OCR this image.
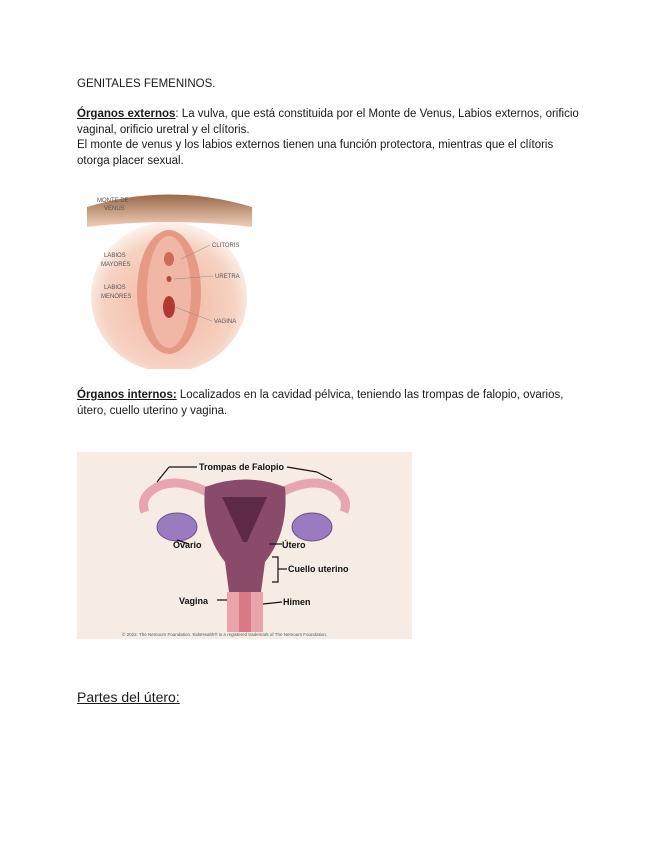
GENITALES FEMENINOS.

Órganos externos: La vulva, que está constituida por el Monte de Venus, Labios externos, orificio vaginal, orificio uretral y el clítoris.

El monte de venus y los labios externos tienen una función protectora, mientras que el clítoris otorga placer sexual.

MONTE DE
VENUS
CLITORIS
LABIOS
MAYORES
URETRA
LABIOS
MENORES
VAGINA

Órganos internos: Localizados en la cavidad pélvica, teniendo las trompas de falopio, ovarios, útero, cuello uterino y vagina.

Trompas de Falopio
Ovario	Útero
Cuello uterino
Vagina	Himen
© 2022. The Nemours Foundation. KidsHealth® is a registered trademark of The Nemours Foundation.
Partes del útero:
